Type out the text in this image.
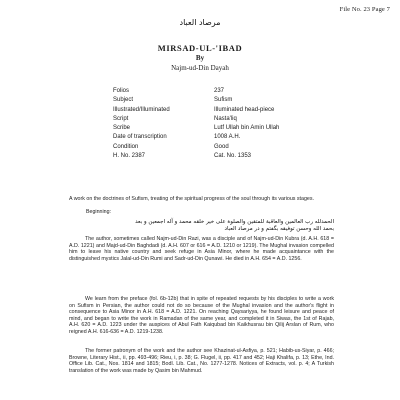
File No. 23 Page 7
مرصاد العباد
MIRSAD-UL-'IBAD
By
Najm-ud-Din Dayah
Folios	237
Subject	Sufism
Illustrated/Illuminated	Illuminated head-piece
Script	Nasta'liq
Scribe	Lutf Ullah bin Amin Ullah
Date of transcription	1008 A.H.
Condition	Good
H. No. 2387	Cat. No. 1353
A work on the doctrines of Sufism, treating of the spiritual progress of the soul through its various stages.
Beginning:
الحمدلله رب العالمين والعاقبة للمتقين والصلوة على خير خلقه محمد و آله اجمعين و بعد
بحمد الله وحسن توفيقه بگفتم و در مرصاد العباد
The author, sometimes called Najm-ud-Din Razi, was a disciple and of Najm-ud-Din Kubra (d. A.H. 618 = A.D. 1221) and Majd-ud-Din Baghdadi (d. A.H. 607 or 616 = A.D. 1210 or 1219). The Mughal invasion compelled him to leave his native country and seek refuge in Asia Minor, where he made acquaintance with the distinguished mystics Jalal-ud-Din Rumi and Sadr-ud-Din Qunawi. He died in A.H. 654 = A.D. 1256.
We learn from the preface (fol. 6b-12b) that in spite of repeated requests by his disciples to write a work on Sufism in Persian, the author could not do so because of the Mughal invasion and the author's flight in consequence to Asia Minor in A.H. 618 = A.D. 1221. On reaching Qaysariyya, he found leisure and peace of mind, and began to write the work in Ramadan of the same year, and completed it in Siwas, the 1st of Rajab, A.H. 620 = A.D. 1223 under the auspices of Abul Fath Kaiqubad bin Kaikhusrau bin Qilij Arslan of Rum, who reigned A.H. 616-636 = A.D. 1219-1238.
The former patronym of the work and the author see Khazinat-ul-Asfiya, p. 521; Habib-us-Siyar, p. 466; Browne, Literary Hist., ii, pp. 493-496; Rieu, i, p. 38; G. Flugel, ii, pp. 417 and 452; Haji Khalifa, p. 13; Ethe, Ind. Office Lib. Cat., Nos. 1814 and 1815; Bodl. Lib. Cat., No. 1277-1278. Notices of Extracts, vol. p. 4; A Turkish translation of the work was made by Qasim bin Mahmud.
